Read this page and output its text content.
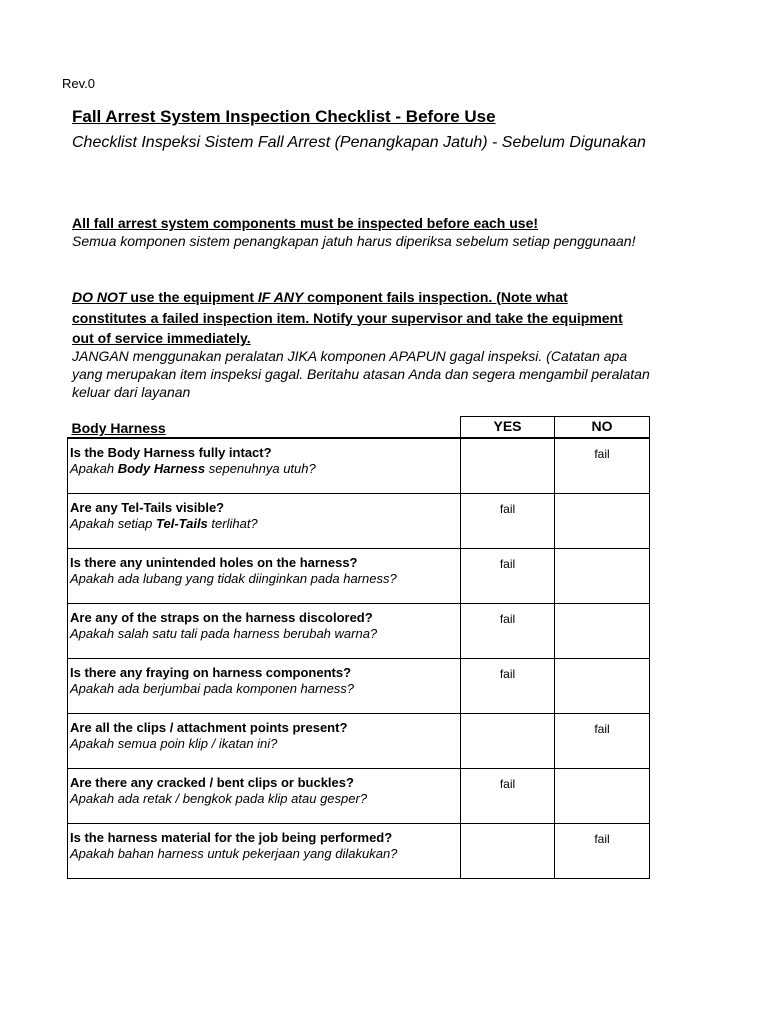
Rev.0
Fall Arrest System Inspection Checklist - Before Use
Checklist Inspeksi Sistem Fall Arrest (Penangkapan Jatuh) - Sebelum Digunakan
All fall arrest system components must be inspected before each use!
Semua komponen sistem penangkapan jatuh harus diperiksa sebelum setiap penggunaan!
DO NOT use the equipment IF ANY component fails inspection. (Note what constitutes a failed inspection item. Notify your supervisor and take the equipment out of service immediately.
JANGAN menggunakan peralatan JIKA komponen APAPUN gagal inspeksi. (Catatan apa yang merupakan item inspeksi gagal. Beritahu atasan Anda dan segera mengambil peralatan keluar dari layanan
Body Harness	YES	NO

Is the Body Harness fully intact?
Apakah Body Harness sepenuhnya utuh?		fail

Are any Tel-Tails visible?
Apakah setiap Tel-Tails terlihat?	fail	

Is there any unintended holes on the harness?
Apakah ada lubang yang tidak diinginkan pada harness?	fail	

Are any of the straps on the harness discolored?
Apakah salah satu tali pada harness berubah warna?	fail	

Is there any fraying on harness components?
Apakah ada berjumbai pada komponen harness?	fail	

Are all the clips / attachment points present?
Apakah semua poin klip / ikatan ini?		fail

Are there any cracked / bent clips or buckles?
Apakah ada retak / bengkok pada klip atau gesper?	fail	

Is the harness material for the job being performed?
Apakah bahan harness untuk pekerjaan yang dilakukan?		fail
